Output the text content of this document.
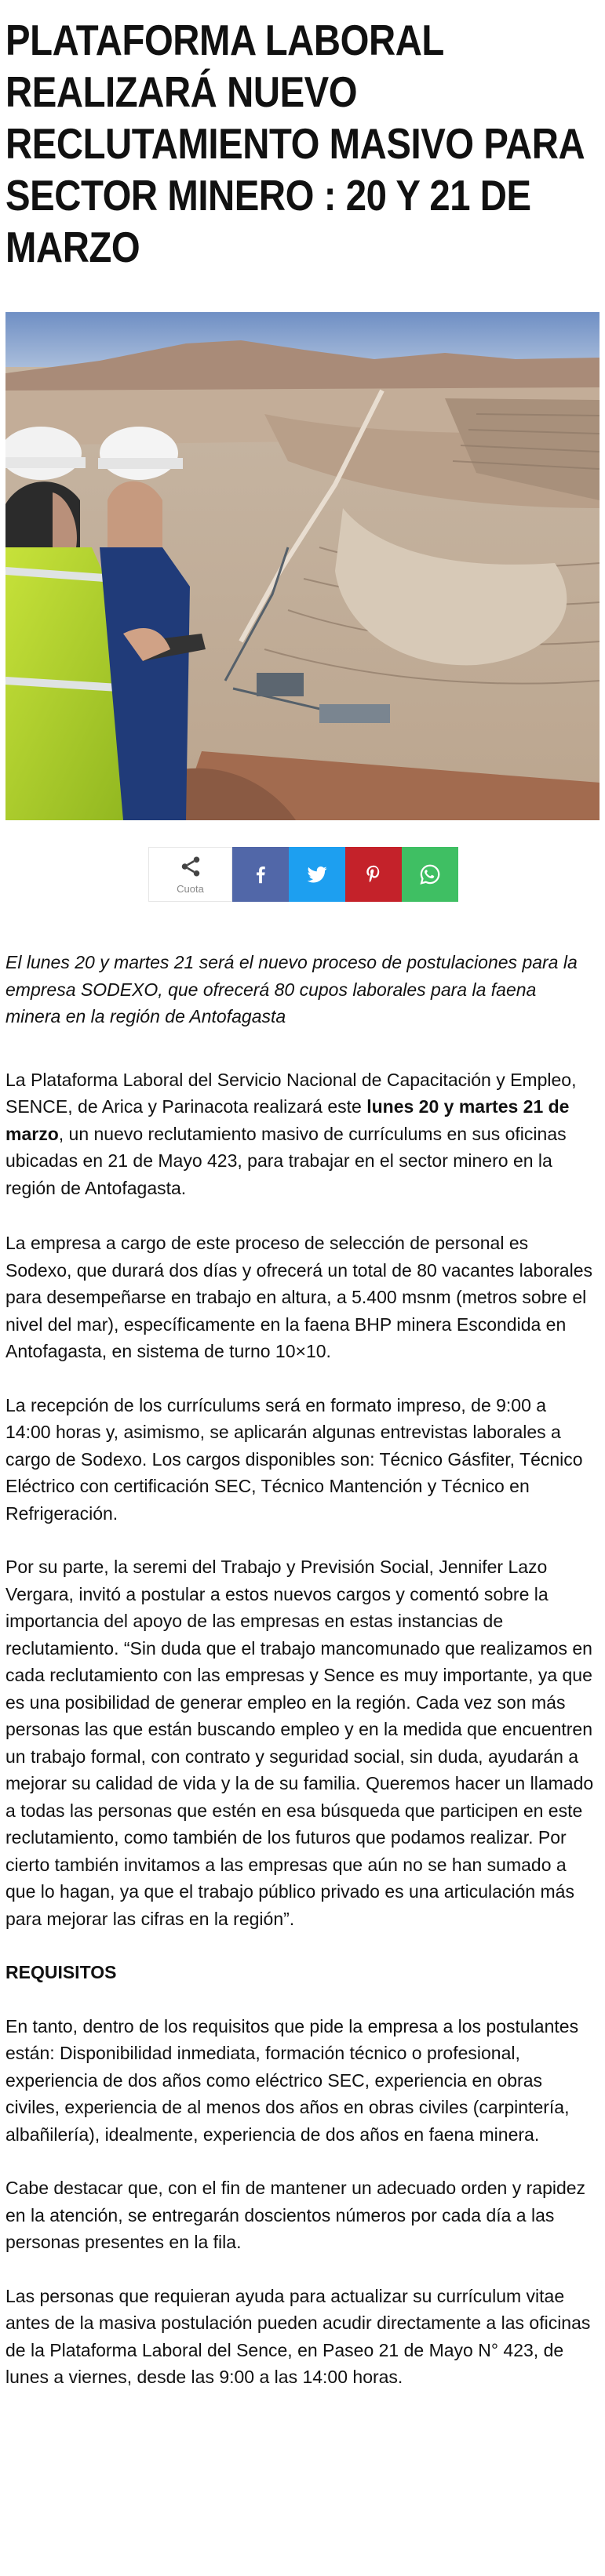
PLATAFORMA LABORAL REALIZARÁ NUEVO RECLUTAMIENTO MASIVO PARA SECTOR MINERO : 20 Y 21 DE MARZO
Cuota

El lunes 20 y martes 21 será el nuevo proceso de postulaciones para la empresa SODEXO, que ofrecerá 80 cupos laborales para la faena minera en la región de Antofagasta

La Plataforma Laboral del Servicio Nacional de Capacitación y Empleo, SENCE, de Arica y Parinacota realizará este lunes 20 y martes 21 de marzo, un nuevo reclutamiento masivo de currículums en sus oficinas ubicadas en 21 de Mayo 423, para trabajar en el sector minero en la región de Antofagasta.

La empresa a cargo de este proceso de selección de personal es Sodexo, que durará dos días y ofrecerá un total de 80 vacantes laborales para desempeñarse en trabajo en altura, a 5.400 msnm (metros sobre el nivel del mar), específicamente en la faena BHP minera Escondida en Antofagasta, en sistema de turno 10×10.

La recepción de los currículums será en formato impreso, de 9:00 a 14:00 horas y, asimismo, se aplicarán algunas entrevistas laborales a cargo de Sodexo. Los cargos disponibles son: Técnico Gásfiter, Técnico Eléctrico con certificación SEC, Técnico Mantención y Técnico en Refrigeración.

Por su parte, la seremi del Trabajo y Previsión Social, Jennifer Lazo Vergara, invitó a postular a estos nuevos cargos y comentó sobre la importancia del apoyo de las empresas en estas instancias de reclutamiento. “Sin duda que el trabajo mancomunado que realizamos en cada reclutamiento con las empresas y Sence es muy importante, ya que es una posibilidad de generar empleo en la región. Cada vez son más personas las que están buscando empleo y en la medida que encuentren un trabajo formal, con contrato y seguridad social, sin duda, ayudarán a mejorar su calidad de vida y la de su familia. Queremos hacer un llamado a todas las personas que estén en esa búsqueda que participen en este reclutamiento, como también de los futuros que podamos realizar. Por cierto también invitamos a las empresas que aún no se han sumado a que lo hagan, ya que el trabajo público privado es una articulación más para mejorar las cifras en la región”.

REQUISITOS

En tanto, dentro de los requisitos que pide la empresa a los postulantes están: Disponibilidad inmediata, formación técnico o profesional, experiencia de dos años como eléctrico SEC, experiencia en obras civiles, experiencia de al menos dos años en obras civiles (carpintería, albañilería), idealmente, experiencia de dos años en faena minera.

Cabe destacar que, con el fin de mantener un adecuado orden y rapidez en la atención, se entregarán doscientos números por cada día a las personas presentes en la fila.

Las personas que requieran ayuda para actualizar su currículum vitae antes de la masiva postulación pueden acudir directamente a las oficinas de la Plataforma Laboral del Sence, en Paseo 21 de Mayo N° 423, de lunes a viernes, desde las 9:00 a las 14:00 horas.
